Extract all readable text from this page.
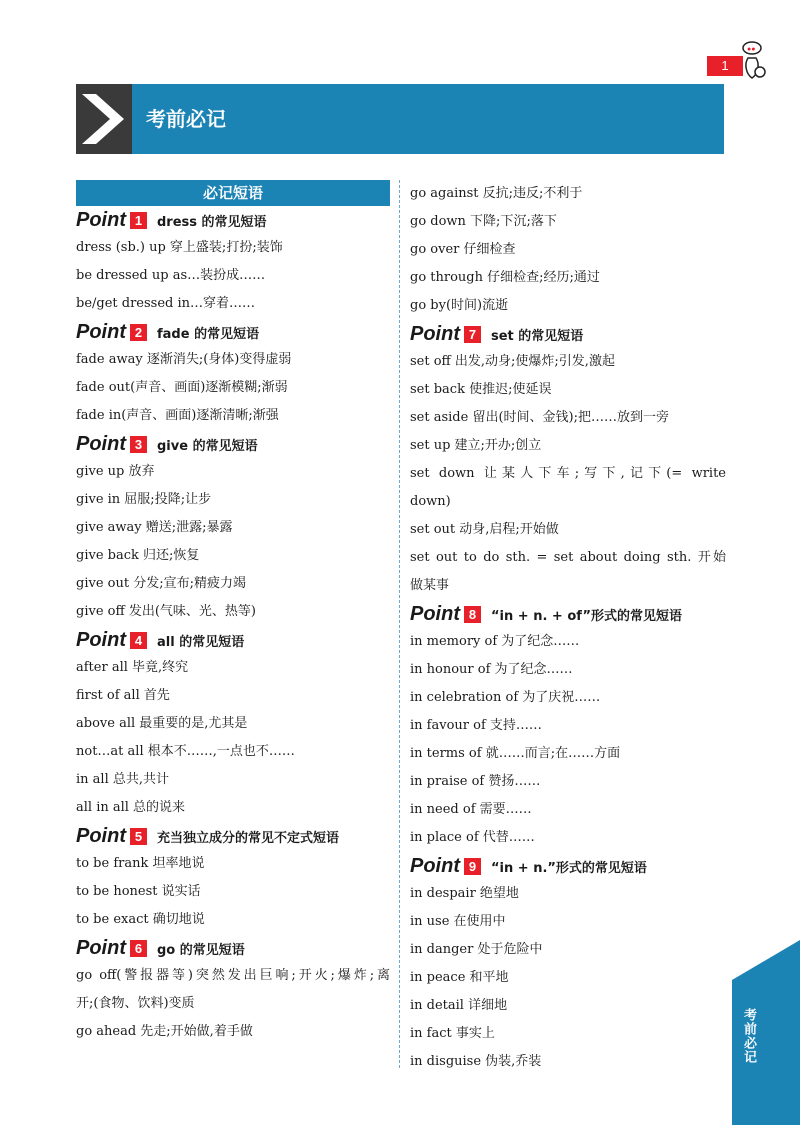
1
●●
考前必记
必记短语
Point 1	dress 的常见短语
dress (sb.) up 穿上盛装;打扮;装饰
be dressed up as…装扮成……
be/get dressed in…穿着……
Point 2	fade 的常见短语
fade away 逐渐消失;(身体)变得虚弱
fade out(声音、画面)逐渐模糊;渐弱
fade in(声音、画面)逐渐清晰;渐强
Point 3	give 的常见短语
give up 放弃
give in 屈服;投降;让步
give away 赠送;泄露;暴露
give back 归还;恢复
give out 分发;宣布;精疲力竭
give off 发出(气味、光、热等)
Point 4	all 的常见短语
after all 毕竟,终究
first of all 首先
above all 最重要的是,尤其是
not…at all 根本不……,一点也不……
in all 总共,共计
all in all 总的说来
Point 5	充当独立成分的常见不定式短语
to be frank 坦率地说
to be honest 说实话
to be exact 确切地说
Point 6	go 的常见短语
go off(警报器等)突然发出巨响;开火;爆炸;离
开;(食物、饮料)变质
go ahead 先走;开始做,着手做
go against 反抗;违反;不利于
go down 下降;下沉;落下
go over 仔细检查
go through 仔细检查;经历;通过
go by(时间)流逝
Point 7	set 的常见短语
set off 出发,动身;使爆炸;引发,激起
set back 使推迟;使延误
set aside 留出(时间、金钱);把……放到一旁
set up 建立;开办;创立
set down 让某人下车;写下,记下(= write
down)
set out 动身,启程;开始做
set out to do sth. = set about doing sth. 开始
做某事
Point 8	“in + n. + of”形式的常见短语
in memory of 为了纪念……
in honour of 为了纪念……
in celebration of 为了庆祝……
in favour of 支持……
in terms of 就……而言;在……方面
in praise of 赞扬……
in need of 需要……
in place of 代替……
Point 9	“in + n.”形式的常见短语
in despair 绝望地
in use 在使用中
in danger 处于危险中
in peace 和平地
in detail 详细地
in fact 事实上
in disguise 伪装,乔装	考前必记
